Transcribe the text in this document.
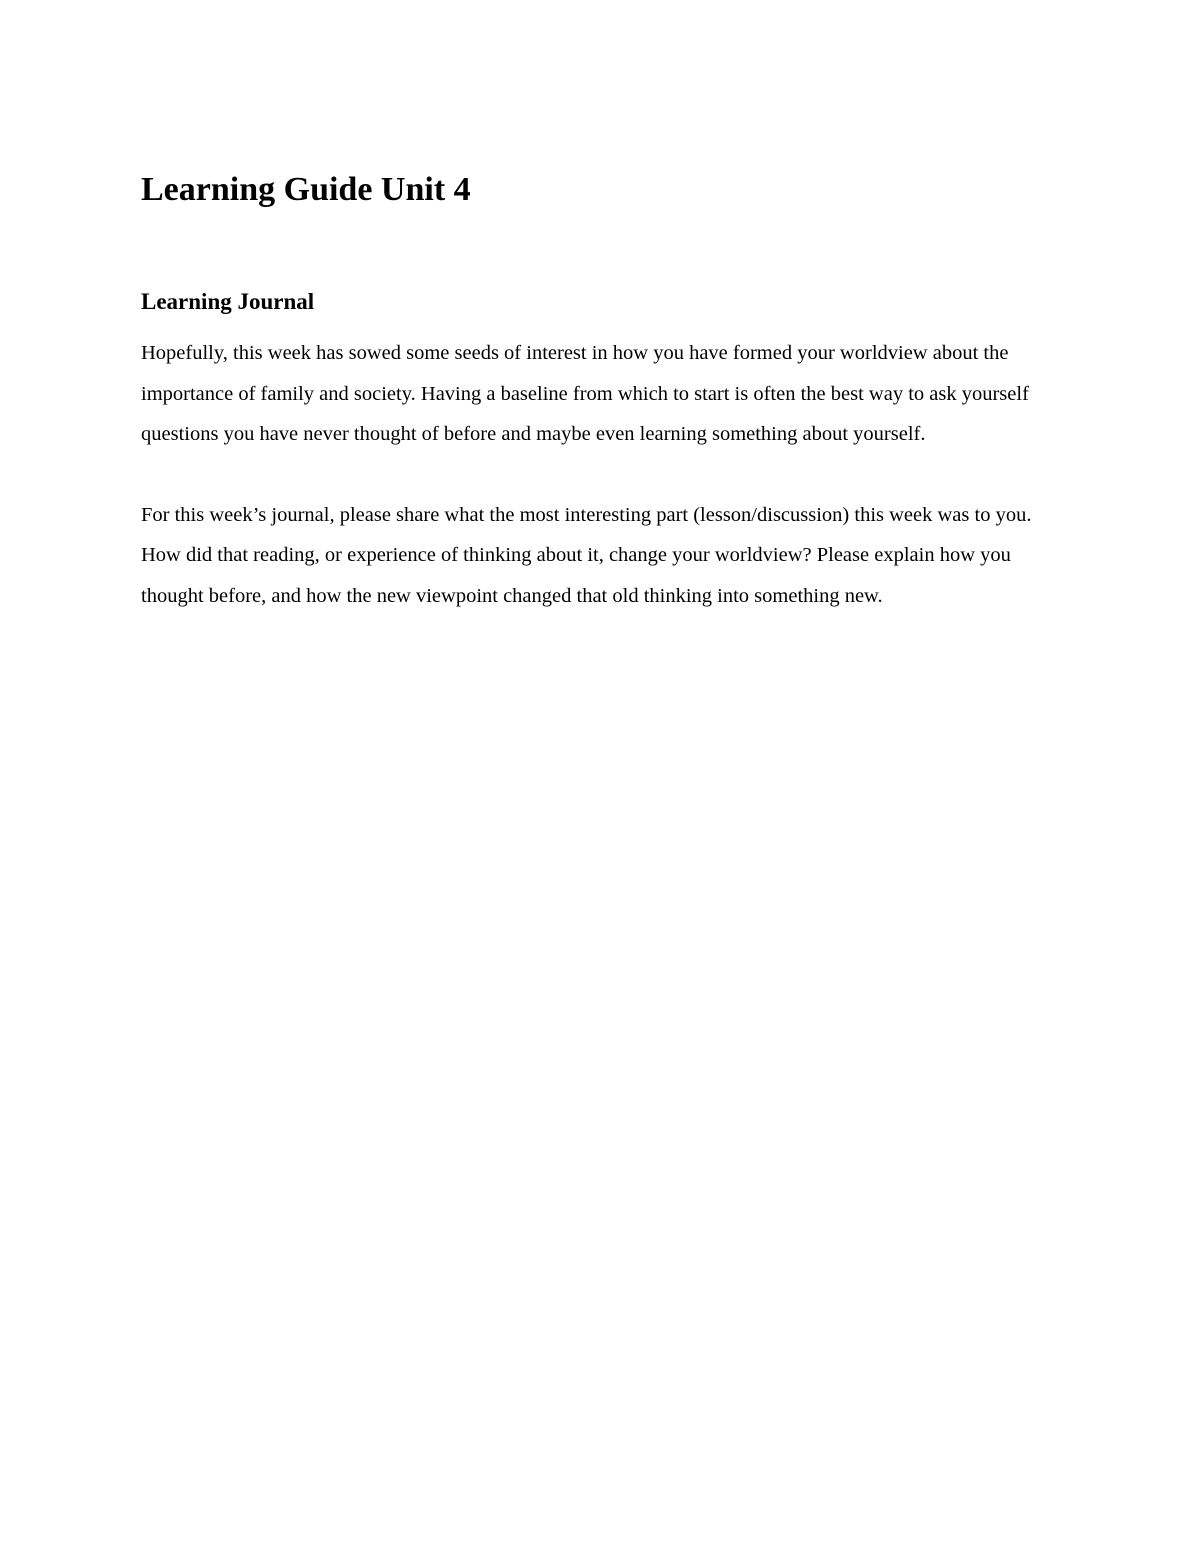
Learning Guide Unit 4
Learning Journal

Hopefully, this week has sowed some seeds of interest in how you have formed your worldview about the importance of family and society. Having a baseline from which to start is often the best way to ask yourself questions you have never thought of before and maybe even learning something about yourself.

For this week’s journal, please share what the most interesting part (lesson/discussion) this week was to you. How did that reading, or experience of thinking about it, change your worldview? Please explain how you thought before, and how the new viewpoint changed that old thinking into something new.
